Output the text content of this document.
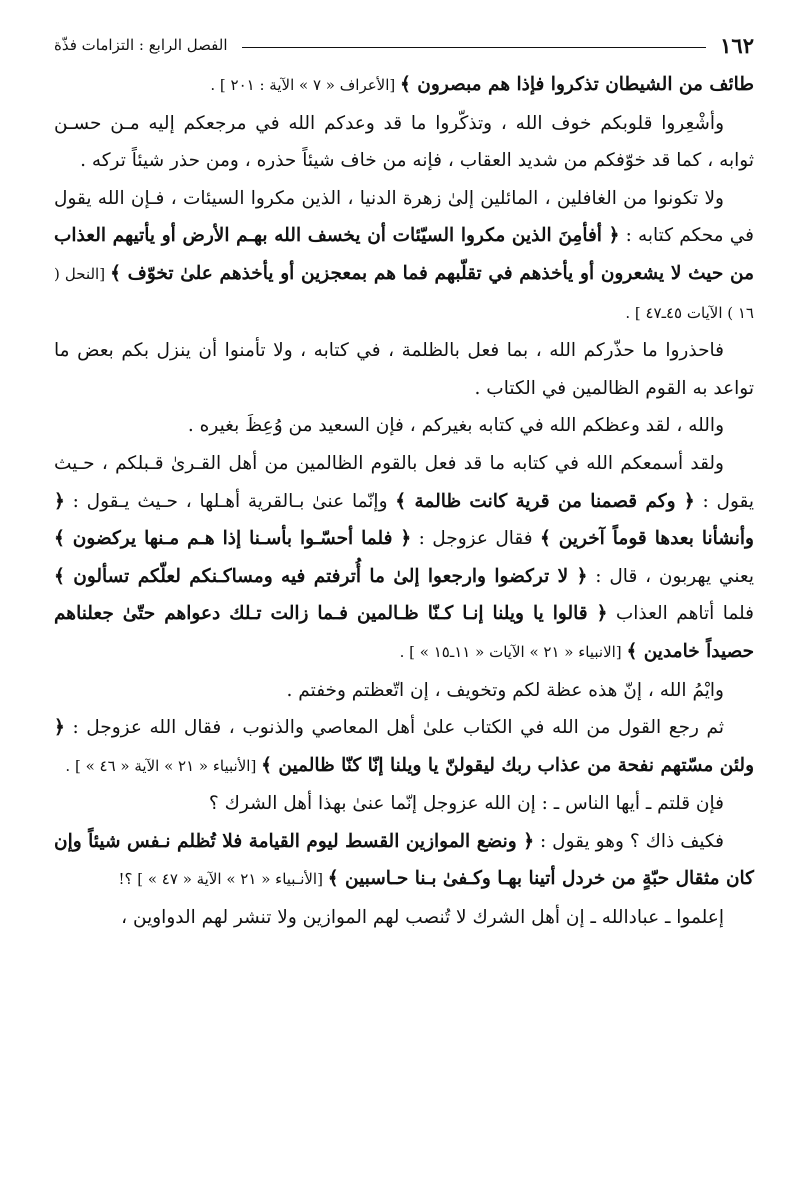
١٦٢
الفصل الرابع : التزامات فذّة

طائف من الشيطان تذكروا فإذا هم مبصرون ﴾ [الأعراف « ٧ » الآية : ٢٠١ ] .

وأشْعِروا قلوبكم خوف الله ، وتذكّروا ما قد وعدكم الله في مرجعكم إليه مـن حسـن ثوابه ، كما قد خوّفكم من شديد العقاب ، فإنه من خاف شيئاً حذره ، ومن حذر شيئاً تركه .

ولا تكونوا من الغافلين ، المائلين إلىٰ زهرة الدنيا ، الذين مكروا السيئات ، فـإن الله يقول في محكم كتابه : ﴿ أفأمِنَ الذين مكروا السيّئات أن يخسف الله بهـم الأرض أو يأتيهم العذاب من حيث لا يشعرون أو يأخذهم في تقلّبهم فما هم بمعجزين أو يأخذهم علىٰ تخوّف ﴾ [النحل ( ١٦ ) الآيات ٤٥ـ٤٧ ] .

فاحذروا ما حذّركم الله ، بما فعل بالظلمة ، في كتابه ، ولا تأمنوا أن ينزل بكم بعض ما تواعد به القوم الظالمين في الكتاب .

والله ، لقد وعظكم الله في كتابه بغيركم ، فإن السعيد من وُعِظَ بغيره .

ولقد أسمعكم الله في كتابه ما قد فعل بالقوم الظالمين من أهل القـرىٰ قـبلكم ، حـيث يقول : ﴿ وكم قصمنا من قرية كانت ظالمة ﴾ وإنّما عنىٰ بـالقرية أهـلها ، حـيث يـقول : ﴿ وأنشأنا بعدها قوماً آخرين ﴾ فقال عزوجل : ﴿ فلما أحسّـوا بأسـنا إذا هـم مـنها يركضون ﴾ يعني يهربون ، قال : ﴿ لا تركضوا وارجعوا إلىٰ ما أُترفتم فيه ومساكـنكم لعلّكم تسألون ﴾ فلما أتاهم العذاب ﴿ قالوا يا ويلنا إنـا كـنّا ظـالمين فـما زالت تـلك دعواهم حتّىٰ جعلناهم حصيداً خامدين ﴾ [الانبياء « ٢١ » الآيات « ١١ـ١٥ » ] .

وايْمُ الله ، إنّ هذه عظة لكم وتخويف ، إن اتّعظتم وخفتم .

ثم رجع القول من الله في الكتاب علىٰ أهل المعاصي والذنوب ، فقال الله عزوجل : ﴿ ولئن مسّتهم نفحة من عذاب ربك ليقولنّ يا ويلنا إنّا كنّا ظالمين ﴾ [الأنبياء « ٢١ » الآية « ٤٦ » ] .

فإن قلتم ـ أيها الناس ـ : إن الله عزوجل إنّما عنىٰ بهذا أهل الشرك ؟

فكيف ذاك ؟ وهو يقول : ﴿ ونضع الموازين القسط ليوم القيامة فلا تُظلم نـفس شيئاً وإن كان مثقال حبّةٍ من خردل أتينا بهـا وكـفىٰ بـنا حـاسبين ﴾ [الأنـبياء « ٢١ » الآية « ٤٧ » ] ؟!

إعلموا ـ عبادالله ـ إن أهل الشرك لا تُنصب لهم الموازين ولا تنشر لهم الدواوين ،
